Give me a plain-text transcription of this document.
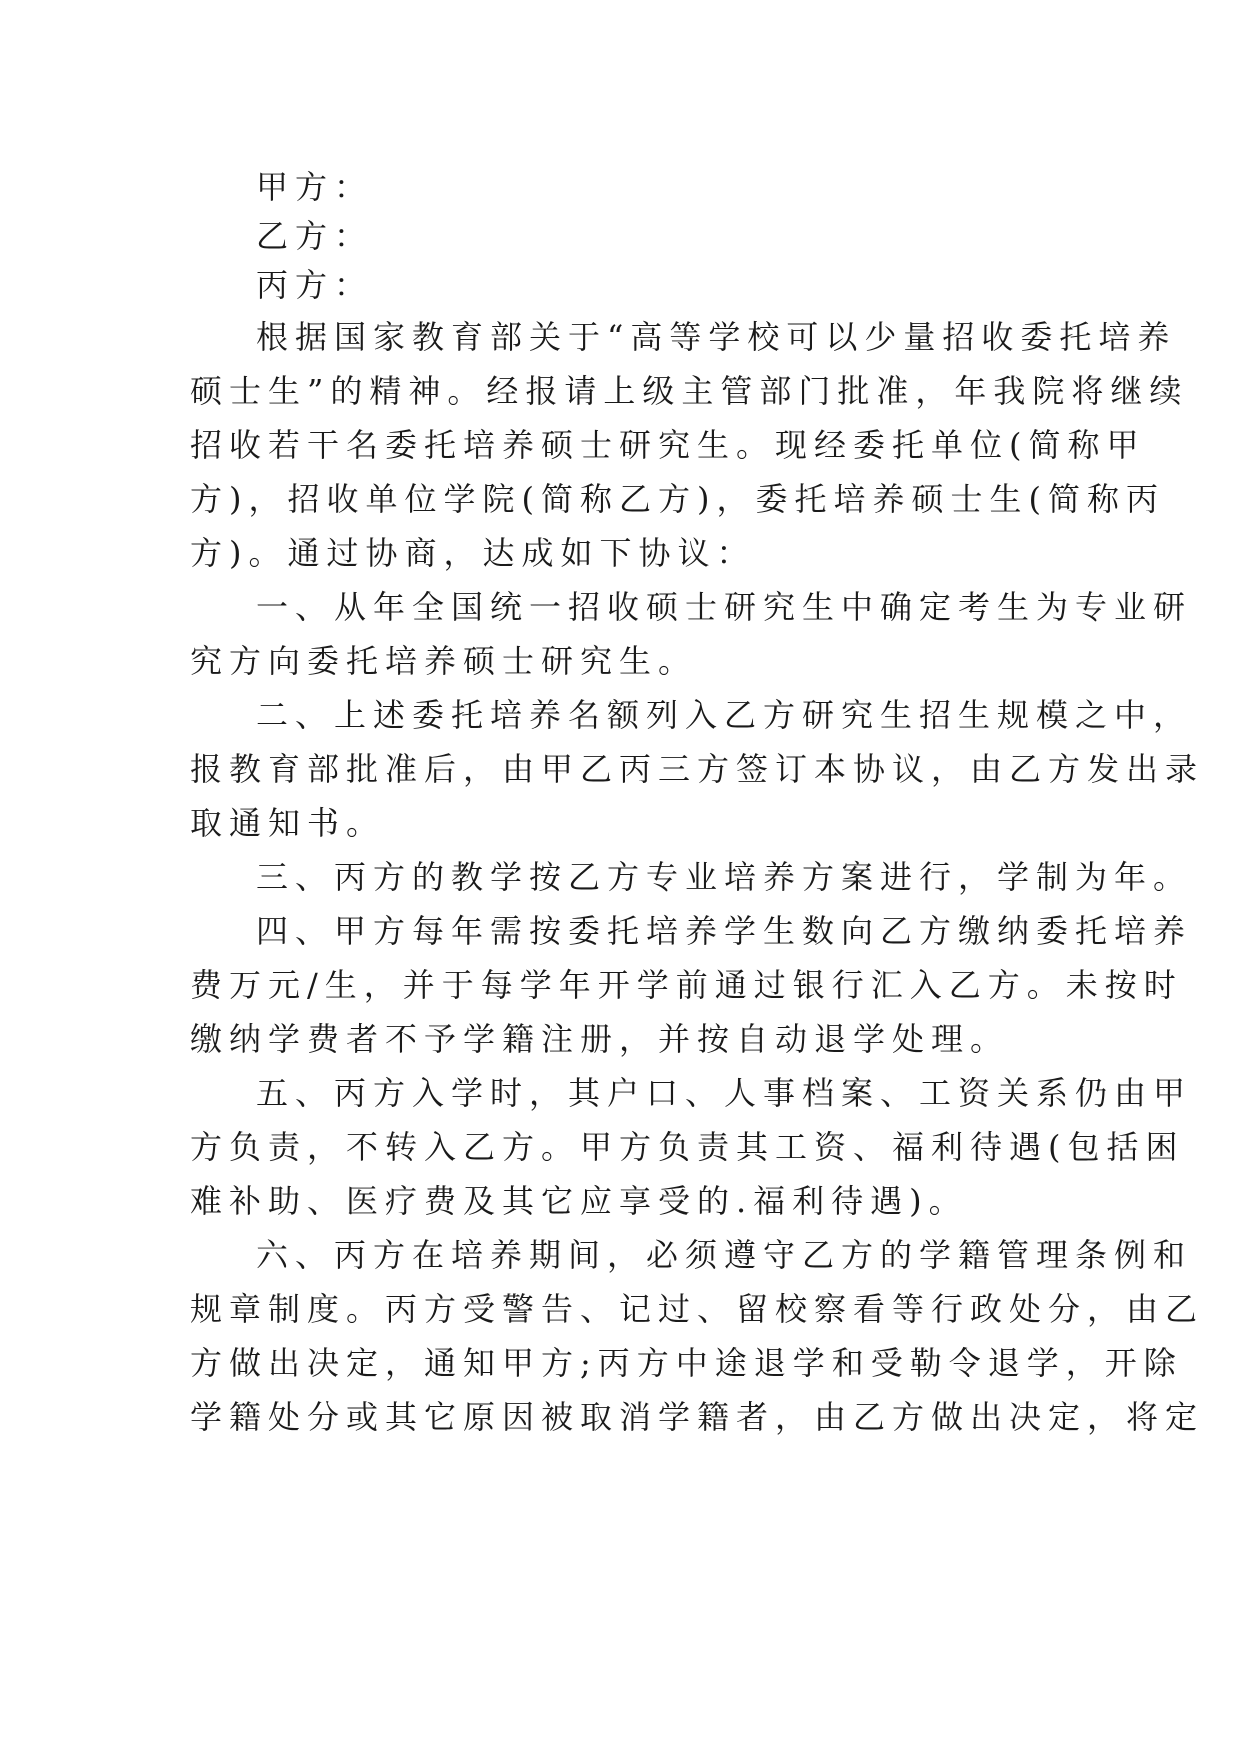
甲方：

乙方：

丙方：

根据国家教育部关于“高等学校可以少量招收委托培养

硕士生”的精神。经报请上级主管部门批准，年我院将继续

招收若干名委托培养硕士研究生。现经委托单位(简称甲

方)，招收单位学院(简称乙方)，委托培养硕士生(简称丙

方)。通过协商，达成如下协议：

一、从年全国统一招收硕士研究生中确定考生为专业研

究方向委托培养硕士研究生。

二、上述委托培养名额列入乙方研究生招生规模之中，

报教育部批准后，由甲乙丙三方签订本协议，由乙方发出录

取通知书。

三、丙方的教学按乙方专业培养方案进行，学制为年。

四、甲方每年需按委托培养学生数向乙方缴纳委托培养

费万元/生，并于每学年开学前通过银行汇入乙方。未按时

缴纳学费者不予学籍注册，并按自动退学处理。

五、丙方入学时，其户口、人事档案、工资关系仍由甲

方负责，不转入乙方。甲方负责其工资、福利待遇(包括困

难补助、医疗费及其它应享受的.福利待遇)。

六、丙方在培养期间，必须遵守乙方的学籍管理条例和

规章制度。丙方受警告、记过、留校察看等行政处分，由乙

方做出决定，通知甲方;丙方中途退学和受勒令退学，开除

学籍处分或其它原因被取消学籍者，由乙方做出决定，将定
